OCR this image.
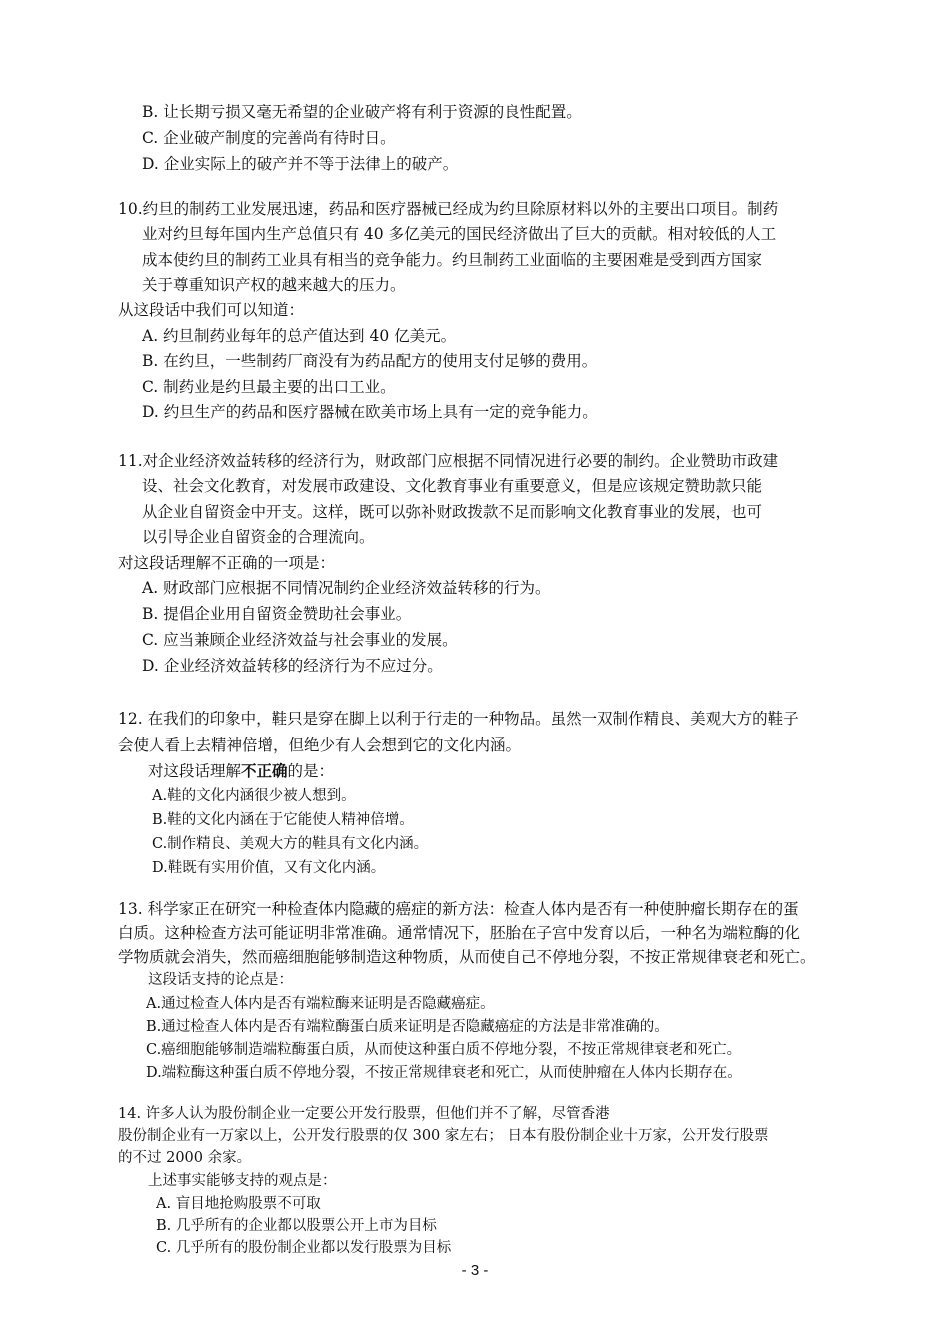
B. 让长期亏损又毫无希望的企业破产将有利于资源的良性配置。
C. 企业破产制度的完善尚有待时日。
D. 企业实际上的破产并不等于法律上的破产。
10.约旦的制药工业发展迅速，药品和医疗器械已经成为约旦除原材料以外的主要出口项目。制药
业对约旦每年国内生产总值只有 40 多亿美元的国民经济做出了巨大的贡献。相对较低的人工
成本使约旦的制药工业具有相当的竞争能力。约旦制药工业面临的主要困难是受到西方国家
关于尊重知识产权的越来越大的压力。
从这段话中我们可以知道：
A. 约旦制药业每年的总产值达到 40 亿美元。
B. 在约旦，一些制药厂商没有为药品配方的使用支付足够的费用。
C. 制药业是约旦最主要的出口工业。
D. 约旦生产的药品和医疗器械在欧美市场上具有一定的竞争能力。
11.对企业经济效益转移的经济行为，财政部门应根据不同情况进行必要的制约。企业赞助市政建
设、社会文化教育，对发展市政建设、文化教育事业有重要意义，但是应该规定赞助款只能
从企业自留资金中开支。这样，既可以弥补财政拨款不足而影响文化教育事业的发展，也可
以引导企业自留资金的合理流向。
对这段话理解不正确的一项是：
A. 财政部门应根据不同情况制约企业经济效益转移的行为。
B. 提倡企业用自留资金赞助社会事业。
C. 应当兼顾企业经济效益与社会事业的发展。
D. 企业经济效益转移的经济行为不应过分。
12. 在我们的印象中，鞋只是穿在脚上以利于行走的一种物品。虽然一双制作精良、美观大方的鞋子
会使人看上去精神倍增，但绝少有人会想到它的文化内涵。
对这段话理解不正确的是：
A.鞋的文化内涵很少被人想到。
B.鞋的文化内涵在于它能使人精神倍增。
C.制作精良、美观大方的鞋具有文化内涵。
D.鞋既有实用价值，又有文化内涵。
13. 科学家正在研究一种检查体内隐藏的癌症的新方法：检查人体内是否有一种使肿瘤长期存在的蛋
白质。这种检查方法可能证明非常准确。通常情况下，胚胎在子宫中发育以后，一种名为端粒酶的化
学物质就会消失，然而癌细胞能够制造这种物质，从而使自己不停地分裂，不按正常规律衰老和死亡。
这段话支持的论点是：
A.通过检查人体内是否有端粒酶来证明是否隐藏癌症。
B.通过检查人体内是否有端粒酶蛋白质来证明是否隐藏癌症的方法是非常准确的。
C.癌细胞能够制造端粒酶蛋白质，从而使这种蛋白质不停地分裂，不按正常规律衰老和死亡。
D.端粒酶这种蛋白质不停地分裂，不按正常规律衰老和死亡，从而使肿瘤在人体内长期存在。
14. 许多人认为股份制企业一定要公开发行股票，但他们并不了解，尽管香港
股份制企业有一万家以上，公开发行股票的仅 300 家左右； 日本有股份制企业十万家，公开发行股票
的不过 2000 余家。
上述事实能够支持的观点是：
A. 盲目地抢购股票不可取
B. 几乎所有的企业都以股票公开上市为目标
C. 几乎所有的股份制企业都以发行股票为目标
- 3 -
